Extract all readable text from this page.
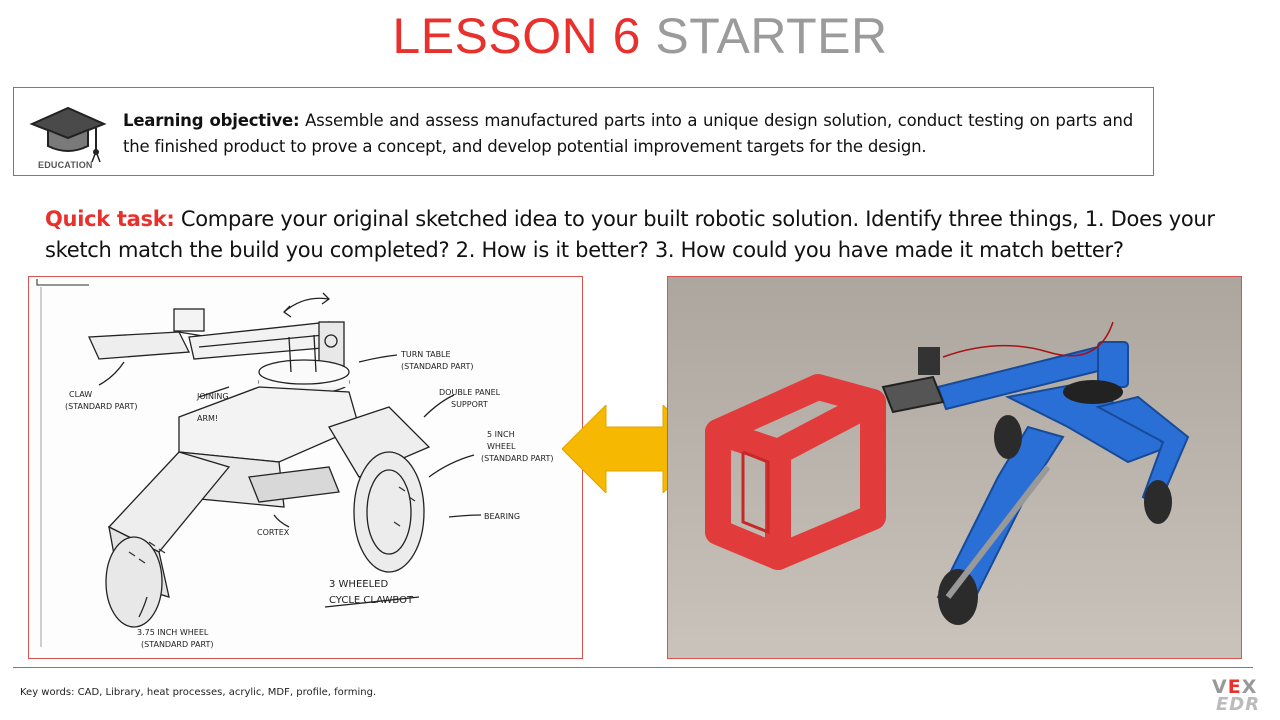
LESSON 6 STARTER
EDUCATION
Learning objective: Assemble and assess manufactured parts into a unique design solution, conduct testing on parts and the finished product to prove a concept, and develop potential improvement targets for the design.
Quick task: Compare your original sketched idea to your built robotic solution. Identify three things, 1. Does your sketch match the build you completed? 2. How is it better? 3. How could you have made it match better?
CLAW
(STANDARD PART)
JOINING
ARM!
TURN TABLE
(STANDARD PART)
DOUBLE PANEL
SUPPORT
5 INCH
WHEEL
(STANDARD PART)
BEARING
CORTEX
3 WHEELED
CYCLE CLAWBOT
3.75 INCH WHEEL
(STANDARD PART)
Key words: CAD, Library, heat processes, acrylic, MDF, profile, forming.	VEX
EDR
